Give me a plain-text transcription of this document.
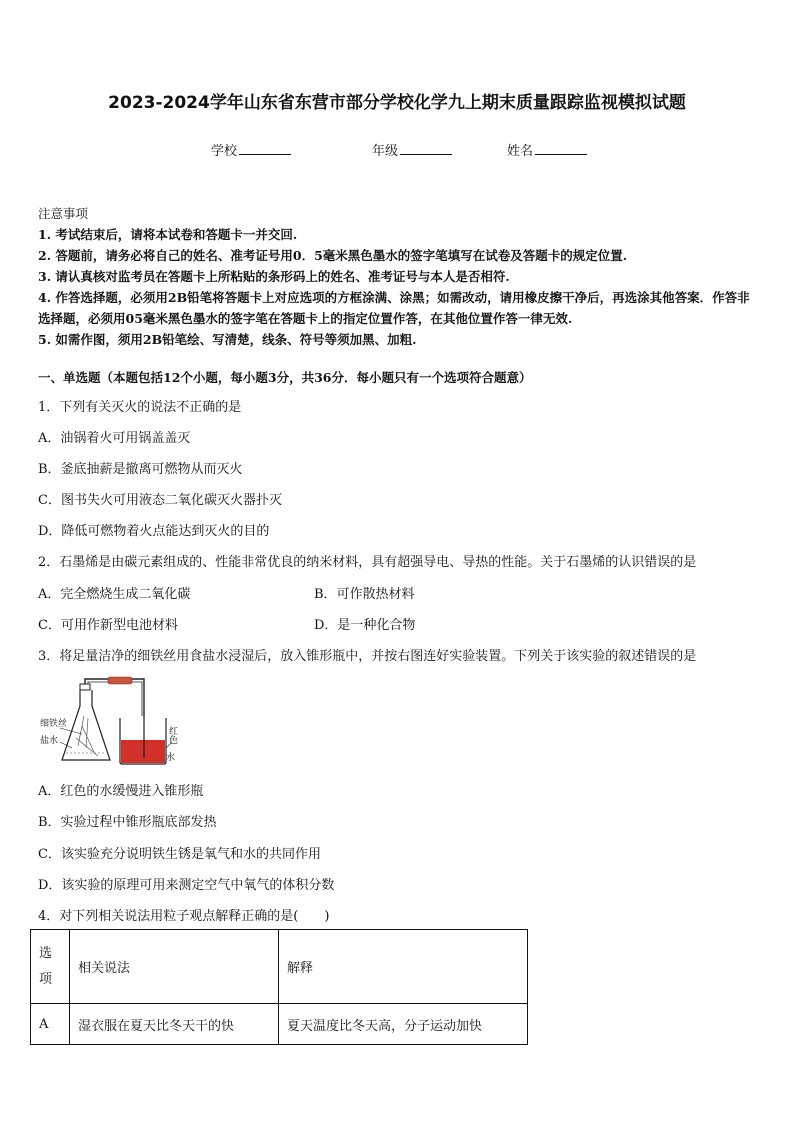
2023-2024学年山东省东营市部分学校化学九上期末质量跟踪监视模拟试题
学校	年级	姓名
注意事项
1. 考试结束后，请将本试卷和答题卡一并交回.
2. 答题前，请务必将自己的姓名、准考证号用0．5毫米黑色墨水的签字笔填写在试卷及答题卡的规定位置.
3. 请认真核对监考员在答题卡上所粘贴的条形码上的姓名、准考证号与本人是否相符.
4. 作答选择题，必须用2B铅笔将答题卡上对应选项的方框涂满、涂黑；如需改动，请用橡皮擦干净后，再选涂其他答案．作答非选择题，必须用05毫米黑色墨水的签字笔在答题卡上的指定位置作答，在其他位置作答一律无效.
5. 如需作图，须用2B铅笔绘、写清楚，线条、符号等须加黑、加粗.
一、单选题（本题包括12个小题，每小题3分，共36分．每小题只有一个选项符合题意）
1．下列有关灭火的说法不正确的是
A．油锅着火可用锅盖盖灭
B．釜底抽薪是撤离可燃物从而灭火
C．图书失火可用液态二氧化碳灭火器扑灭
D．降低可燃物着火点能达到灭火的目的
2．石墨烯是由碳元素组成的、性能非常优良的纳米材料，具有超强导电、导热的性能。关于石墨烯的认识错误的是
A．完全燃烧生成二氧化碳	B．可作散热材料
C．可用作新型电池材料	D．是一种化合物
3．将足量洁净的细铁丝用食盐水浸湿后，放入锥形瓶中，并按右图连好实验装置。下列关于该实验的叙述错误的是
细铁丝
盐水	红色
水
A．红色的水缓慢进入锥形瓶
B．实验过程中锥形瓶底部发热
C．该实验充分说明铁生锈是氧气和水的共同作用
D．该实验的原理可用来测定空气中氧气的体积分数
4．对下列相关说法用粒子观点解释正确的是(　　)
选
项	相关说法	解释
A	湿衣服在夏天比冬天干的快	夏天温度比冬天高，分子运动加快
